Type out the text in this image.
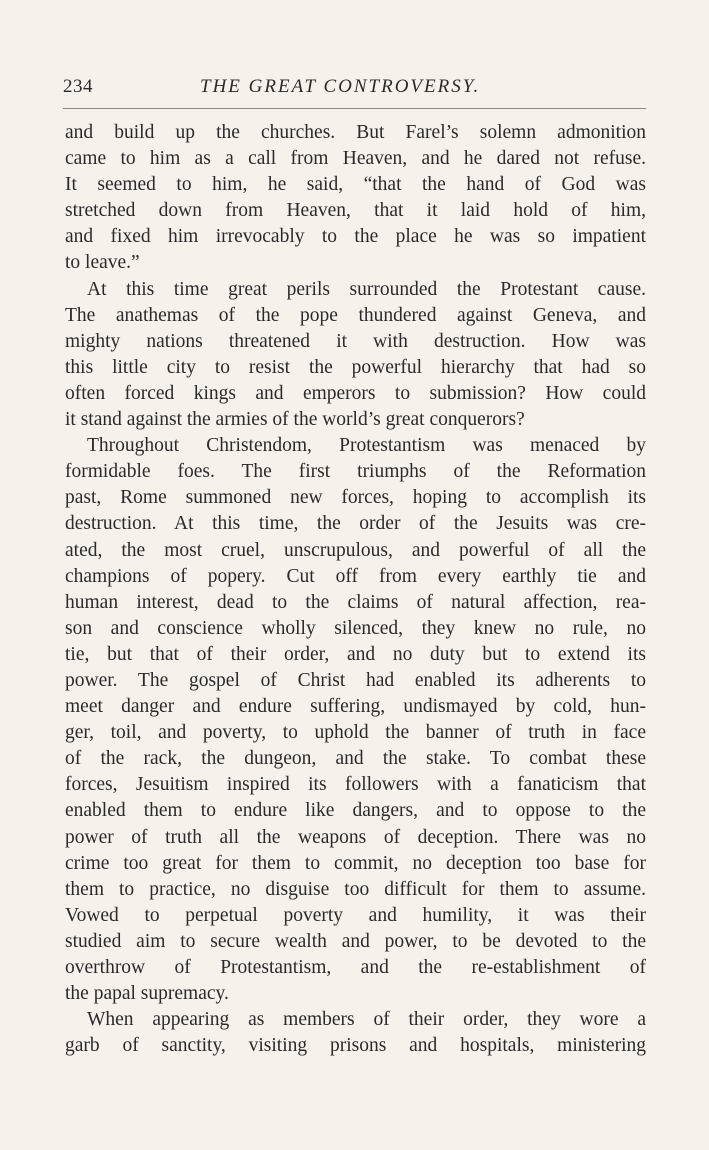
234	THE GREAT CONTROVERSY.
and build up the churches. But Farel’s solemn admonition
came to him as a call from Heaven, and he dared not refuse.
It seemed to him, he said, “that the hand of God was
stretched down from Heaven, that it laid hold of him,
and fixed him irrevocably to the place he was so impatient
to leave.”
At this time great perils surrounded the Protestant cause.
The anathemas of the pope thundered against Geneva, and
mighty nations threatened it with destruction. How was
this little city to resist the powerful hierarchy that had so
often forced kings and emperors to submission? How could
it stand against the armies of the world’s great conquerors?
Throughout Christendom, Protestantism was menaced by
formidable foes. The first triumphs of the Reformation
past, Rome summoned new forces, hoping to accomplish its
destruction. At this time, the order of the Jesuits was cre-
ated, the most cruel, unscrupulous, and powerful of all the
champions of popery. Cut off from every earthly tie and
human interest, dead to the claims of natural affection, rea-
son and conscience wholly silenced, they knew no rule, no
tie, but that of their order, and no duty but to extend its
power. The gospel of Christ had enabled its adherents to
meet danger and endure suffering, undismayed by cold, hun-
ger, toil, and poverty, to uphold the banner of truth in face
of the rack, the dungeon, and the stake. To combat these
forces, Jesuitism inspired its followers with a fanaticism that
enabled them to endure like dangers, and to oppose to the
power of truth all the weapons of deception. There was no
crime too great for them to commit, no deception too base for
them to practice, no disguise too difficult for them to assume.
Vowed to perpetual poverty and humility, it was their
studied aim to secure wealth and power, to be devoted to the
overthrow of Protestantism, and the re-establishment of
the papal supremacy.
When appearing as members of their order, they wore a
garb of sanctity, visiting prisons and hospitals, ministering
